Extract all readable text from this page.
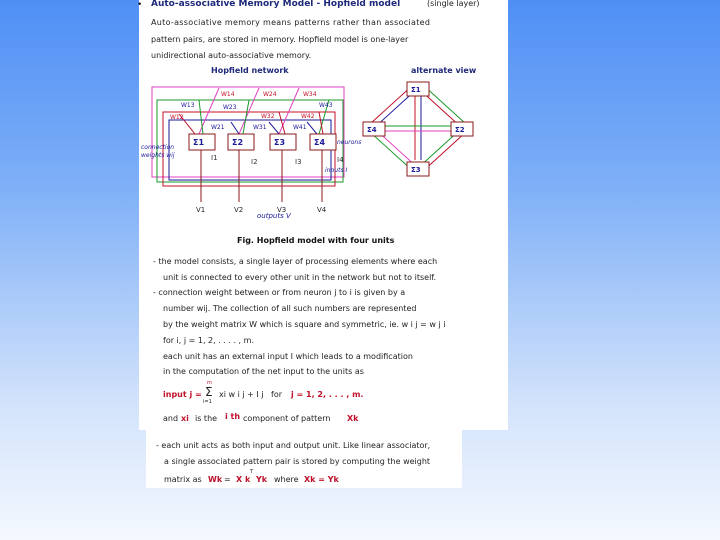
• Auto-associative Memory Model - Hopfield model	(single layer)
Auto-associative memory means patterns rather than associated
pattern pairs, are stored in memory. Hopfield model is one-layer
unidirectional auto-associative memory.
Hopfield network	alternate view
Σ1	Σ2	Σ3	Σ4
W14	W24	W34
W13	W23	W43
W12	W32	W42
W21	W31	W41
I1	I2	I3	I4
connection
weights wij
neurons
inputs I
V1	V2	V3	V4
outputs V
Σ1
Σ2
Σ3
Σ4
Fig. Hopfield model with four units
- the model consists, a single layer of processing elements where each
unit is connected to every other unit in the network but not to itself.
- connection weight between or from neuron j to i is given by a
number wij. The collection of all such numbers are represented
by the weight matrix W which is square and symmetric, ie. w i j = w j i
for i, j = 1, 2, . . . . , m.
each unit has an external input I which leads to a modification
in the computation of the net input to the units as
input j =
m
Σ
i=1
xi w i j + I j for j = 1, 2, . . . , m.
and xi is the i th component of pattern Xk
- each unit acts as both input and output unit. Like linear associator,
a single associated pattern pair is stored by computing the weight
matrix as Wk = X k
T
Yk where Xk = Yk
